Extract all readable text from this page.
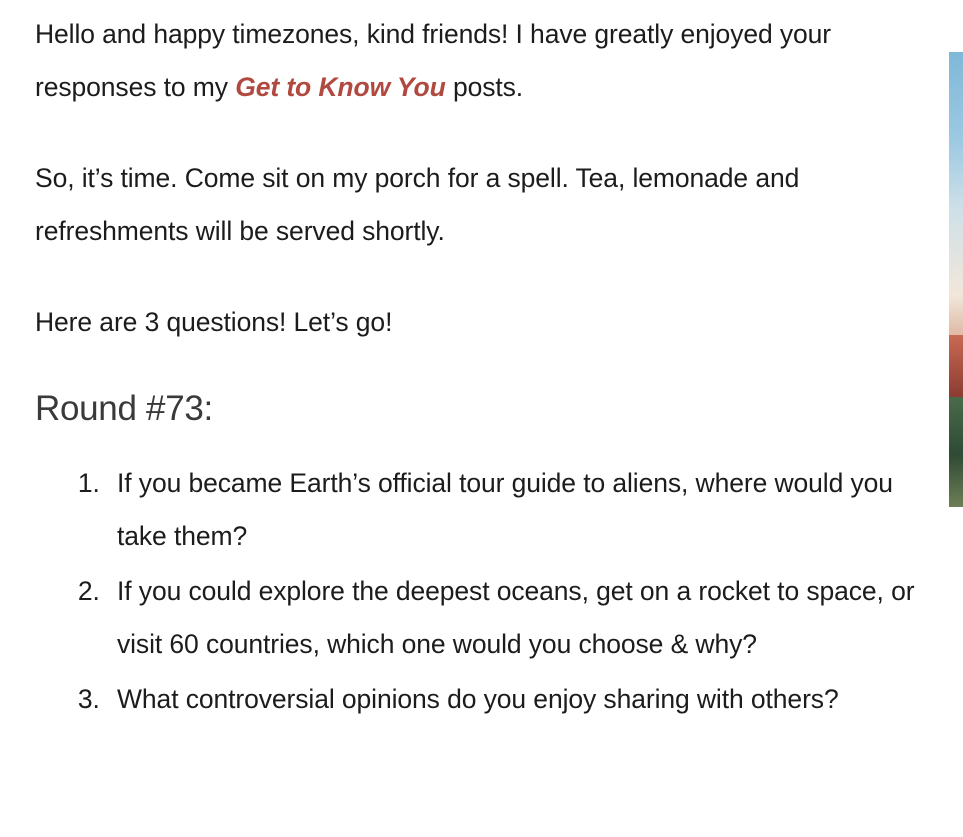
Hello and happy timezones, kind friends! I have greatly enjoyed your responses to my Get to Know You posts.

So, it’s time. Come sit on my porch for a spell. Tea, lemonade and refreshments will be served shortly.

Here are 3 questions! Let’s go!

Round #73:
1. If you became Earth’s official tour guide to aliens, where would you take them?
2. If you could explore the deepest oceans, get on a rocket to space, or visit 60 countries, which one would you choose & why?
3. What controversial opinions do you enjoy sharing with others?
